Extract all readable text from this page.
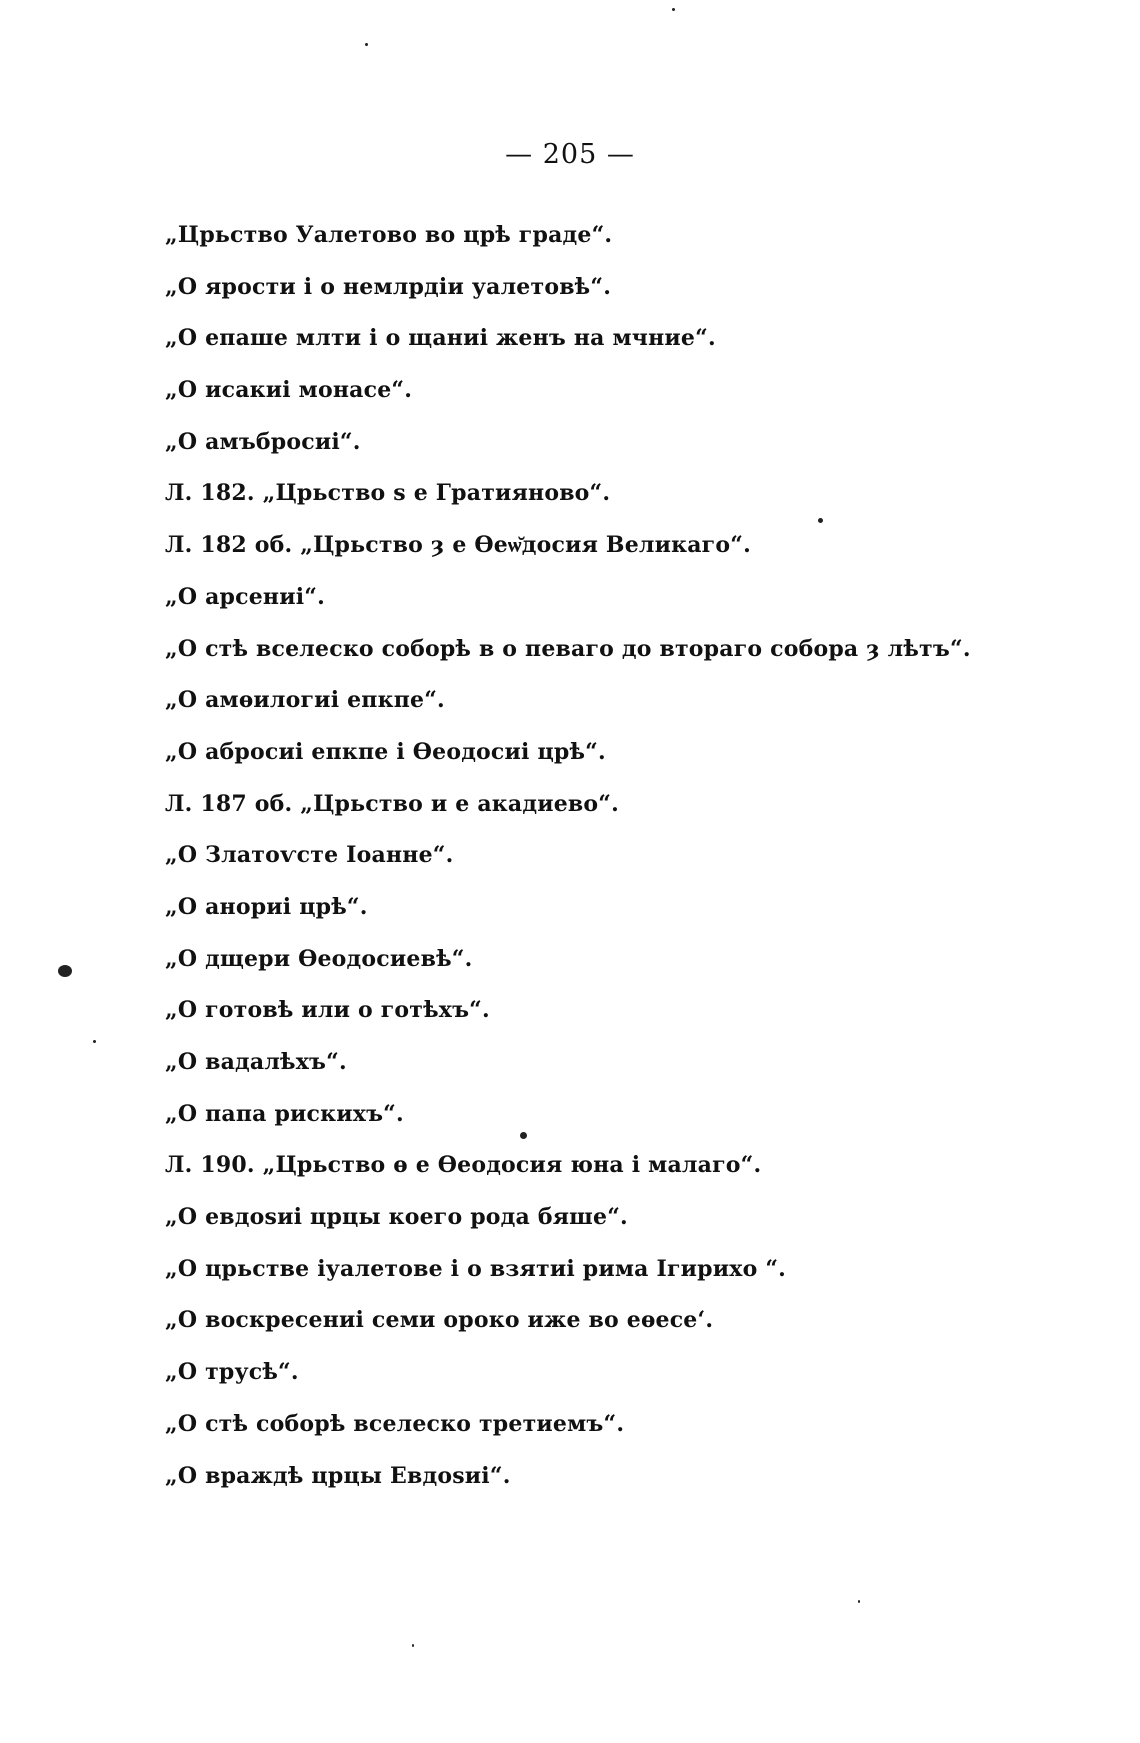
— 205 —
„Црьство Уалетово во црѣ граде“.
„О ярости і о немлрдіи уалетовѣ“.
„О епаше млти і о щаниі женъ на мчние“.
„О исакиі монасе“.
„О амъбросиі“.
Л. 182. „Црьство ѕ е Гратияново“.
Л. 182 об. „Црьство ȝ е Ѳеѡ̆досия Великаго“.
„О арсениі“.
„О стѣ вселеско соборѣ в о певаго до втораго собора ȝ лѣтъ“.
„О амѳилогиі епкпе“.
„О абросиі епкпе і Ѳеодосиі црѣ“.
Л. 187 об. „Црьство и е акадиево“.
„О Златоѵсте Іоанне“.
„О анориі црѣ“.
„О дщери Ѳеодосиевѣ“.
„О готовѣ или о готѣхъ“.
„О вадалѣхъ“.
„О папа рискихъ“.
Л. 190. „Црьство ѳ е Ѳеодосия юна і малаго“.
„О евдоѕиі црцы коего рода бяше“.
„О црьстве іуалетове і о взятиі рима Ігирихо “.
„О воскресениі семи ороко иже во еѳесе‘.
„О трусѣ“.
„О стѣ соборѣ вселеско третиемъ“.
„О враждѣ црцы Евдоѕиі“.
